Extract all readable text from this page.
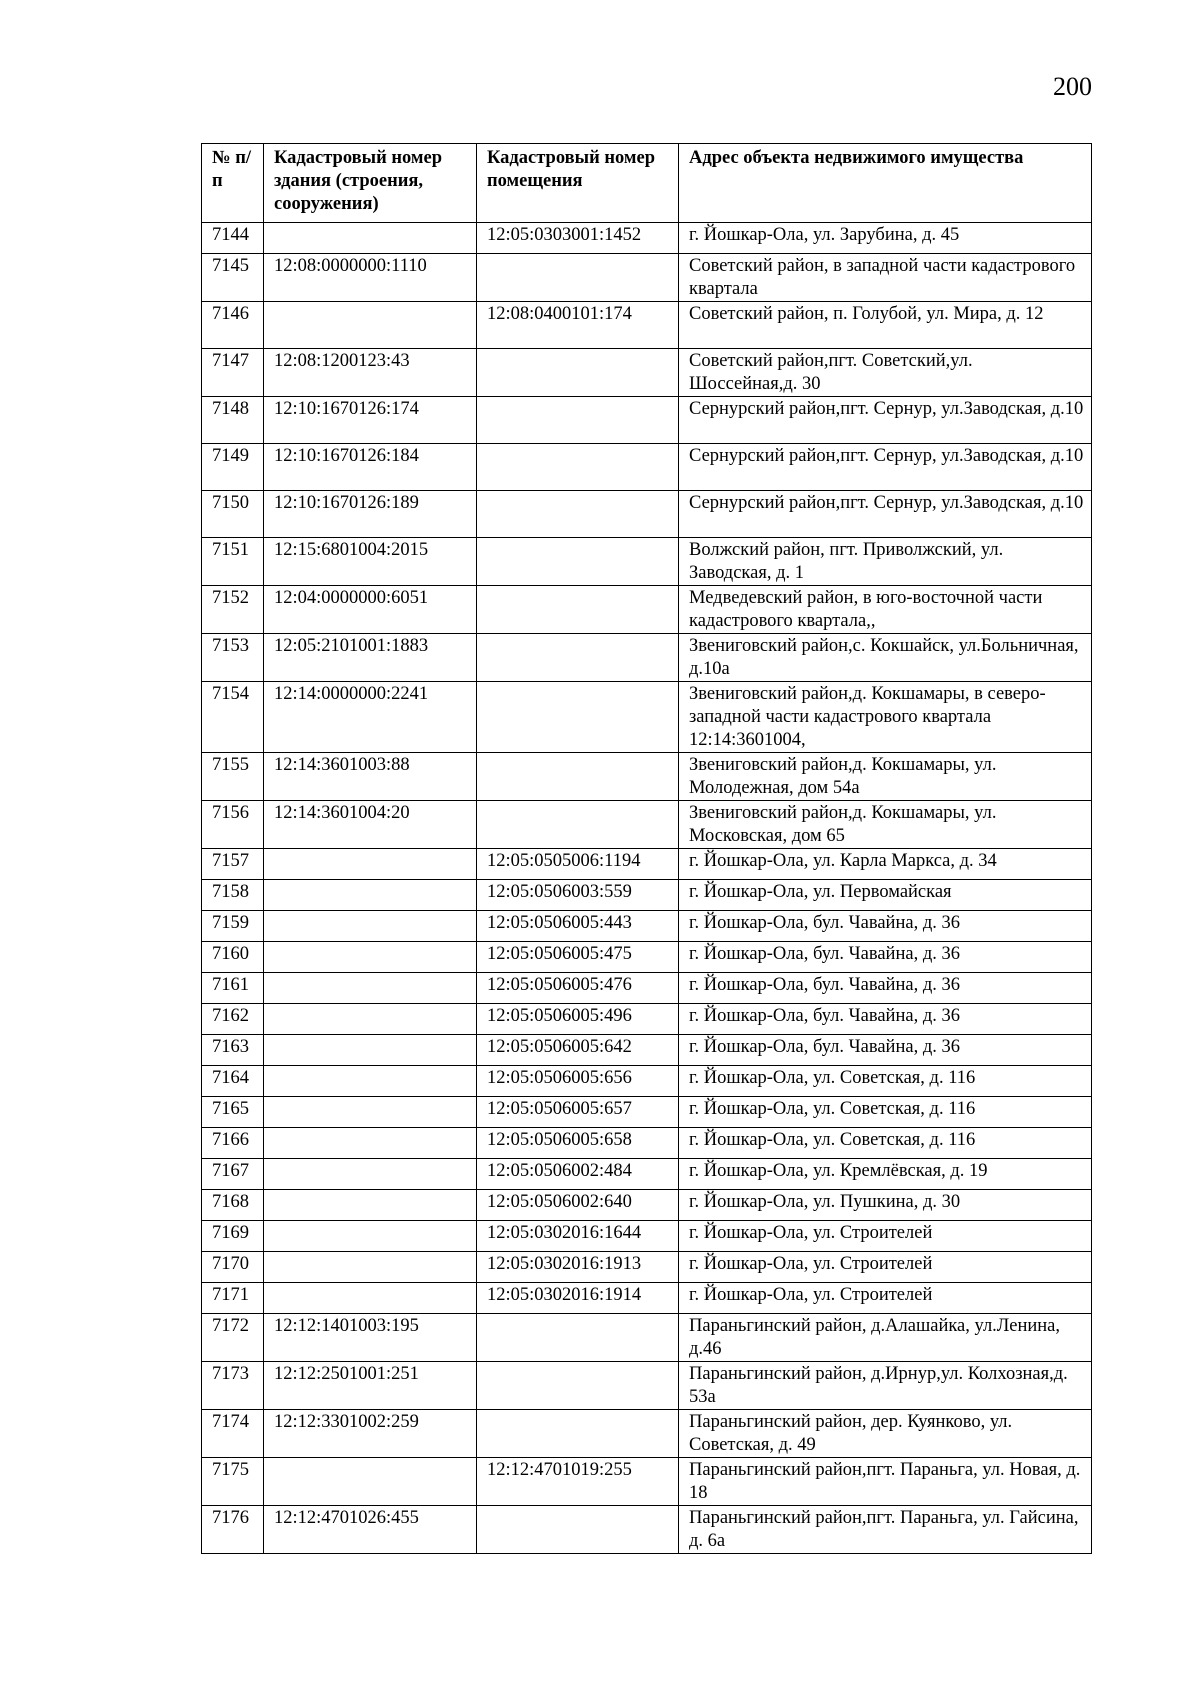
200
№ п/п	Кадастровый номер здания (строения, сооружения)	Кадастровый номер помещения	Адрес объекта недвижимого имущества
7144		12:05:0303001:1452	г. Йошкар-Ола, ул. Зарубина, д. 45
7145	12:08:0000000:1110		Советский район, в западной части кадастрового квартала
7146		12:08:0400101:174	Советский район, п. Голубой, ул. Мира, д. 12
7147	12:08:1200123:43		Советский район,пгт. Советский,ул. Шоссейная,д. 30
7148	12:10:1670126:174		Сернурский район,пгт. Сернур, ул.Заводская, д.10
7149	12:10:1670126:184		Сернурский район,пгт. Сернур, ул.Заводская, д.10
7150	12:10:1670126:189		Сернурский район,пгт. Сернур, ул.Заводская, д.10
7151	12:15:6801004:2015		Волжский район, пгт. Приволжский, ул. Заводская, д. 1
7152	12:04:0000000:6051		Медведевский район, в юго-восточной части кадастрового квартала,,
7153	12:05:2101001:1883		Звениговский район,с. Кокшайск, ул.Больничная, д.10а
7154	12:14:0000000:2241		Звениговский район,д. Кокшамары, в северо-западной части кадастрового квартала 12:14:3601004,
7155	12:14:3601003:88		Звениговский район,д. Кокшамары, ул. Молодежная, дом 54а
7156	12:14:3601004:20		Звениговский район,д. Кокшамары, ул. Московская, дом 65
7157		12:05:0505006:1194	г. Йошкар-Ола, ул. Карла Маркса, д. 34
7158		12:05:0506003:559	г. Йошкар-Ола, ул. Первомайская
7159		12:05:0506005:443	г. Йошкар-Ола, бул. Чавайна, д. 36
7160		12:05:0506005:475	г. Йошкар-Ола, бул. Чавайна, д. 36
7161		12:05:0506005:476	г. Йошкар-Ола, бул. Чавайна, д. 36
7162		12:05:0506005:496	г. Йошкар-Ола, бул. Чавайна, д. 36
7163		12:05:0506005:642	г. Йошкар-Ола, бул. Чавайна, д. 36
7164		12:05:0506005:656	г. Йошкар-Ола, ул. Советская, д. 116
7165		12:05:0506005:657	г. Йошкар-Ола, ул. Советская, д. 116
7166		12:05:0506005:658	г. Йошкар-Ола, ул. Советская, д. 116
7167		12:05:0506002:484	г. Йошкар-Ола, ул. Кремлёвская, д. 19
7168		12:05:0506002:640	г. Йошкар-Ола, ул. Пушкина, д. 30
7169		12:05:0302016:1644	г. Йошкар-Ола, ул. Строителей
7170		12:05:0302016:1913	г. Йошкар-Ола, ул. Строителей
7171		12:05:0302016:1914	г. Йошкар-Ола, ул. Строителей
7172	12:12:1401003:195		Параньгинский район, д.Алашайка, ул.Ленина, д.46
7173	12:12:2501001:251		Параньгинский район, д.Ирнур,ул. Колхозная,д. 53а
7174	12:12:3301002:259		Параньгинский район, дер. Куянково, ул. Советская, д. 49
7175		12:12:4701019:255	Параньгинский район,пгт. Параньга, ул. Новая, д. 18
7176	12:12:4701026:455		Параньгинский район,пгт. Параньга, ул. Гайсина, д. 6а
